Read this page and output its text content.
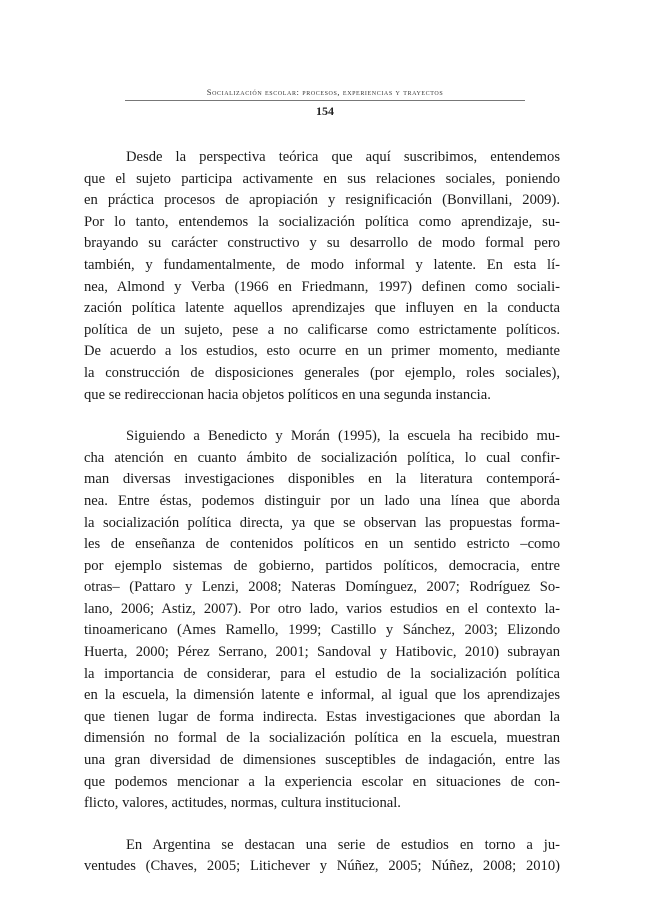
Socialización escolar: procesos, experiencias y trayectos
154

Desde la perspectiva teórica que aquí suscribimos, entendemos
que el sujeto participa activamente en sus relaciones sociales, poniendo
en práctica procesos de apropiación y resignificación (Bonvillani, 2009).
Por lo tanto, entendemos la socialización política como aprendizaje, su-
brayando su carácter constructivo y su desarrollo de modo formal pero
también, y fundamentalmente, de modo informal y latente. En esta lí-
nea, Almond y Verba (1966 en Friedmann, 1997) definen como sociali-
zación política latente aquellos aprendizajes que influyen en la conducta
política de un sujeto, pese a no calificarse como estrictamente políticos.
De acuerdo a los estudios, esto ocurre en un primer momento, mediante
la construcción de disposiciones generales (por ejemplo, roles sociales),
que se redireccionan hacia objetos políticos en una segunda instancia.

Siguiendo a Benedicto y Morán (1995), la escuela ha recibido mu-
cha atención en cuanto ámbito de socialización política, lo cual confir-
man diversas investigaciones disponibles en la literatura contemporá-
nea. Entre éstas, podemos distinguir por un lado una línea que aborda
la socialización política directa, ya que se observan las propuestas forma-
les de enseñanza de contenidos políticos en un sentido estricto –como
por ejemplo sistemas de gobierno, partidos políticos, democracia, entre
otras– (Pattaro y Lenzi, 2008; Nateras Domínguez, 2007; Rodríguez So-
lano, 2006; Astiz, 2007). Por otro lado, varios estudios en el contexto la-
tinoamericano (Ames Ramello, 1999; Castillo y Sánchez, 2003; Elizondo
Huerta, 2000; Pérez Serrano, 2001; Sandoval y Hatibovic, 2010) subrayan
la importancia de considerar, para el estudio de la socialización política
en la escuela, la dimensión latente e informal, al igual que los aprendizajes
que tienen lugar de forma indirecta. Estas investigaciones que abordan la
dimensión no formal de la socialización política en la escuela, muestran
una gran diversidad de dimensiones susceptibles de indagación, entre las
que podemos mencionar a la experiencia escolar en situaciones de con-
flicto, valores, actitudes, normas, cultura institucional.

En Argentina se destacan una serie de estudios en torno a ju-
ventudes (Chaves, 2005; Litichever y Núñez, 2005; Núñez, 2008; 2010)
